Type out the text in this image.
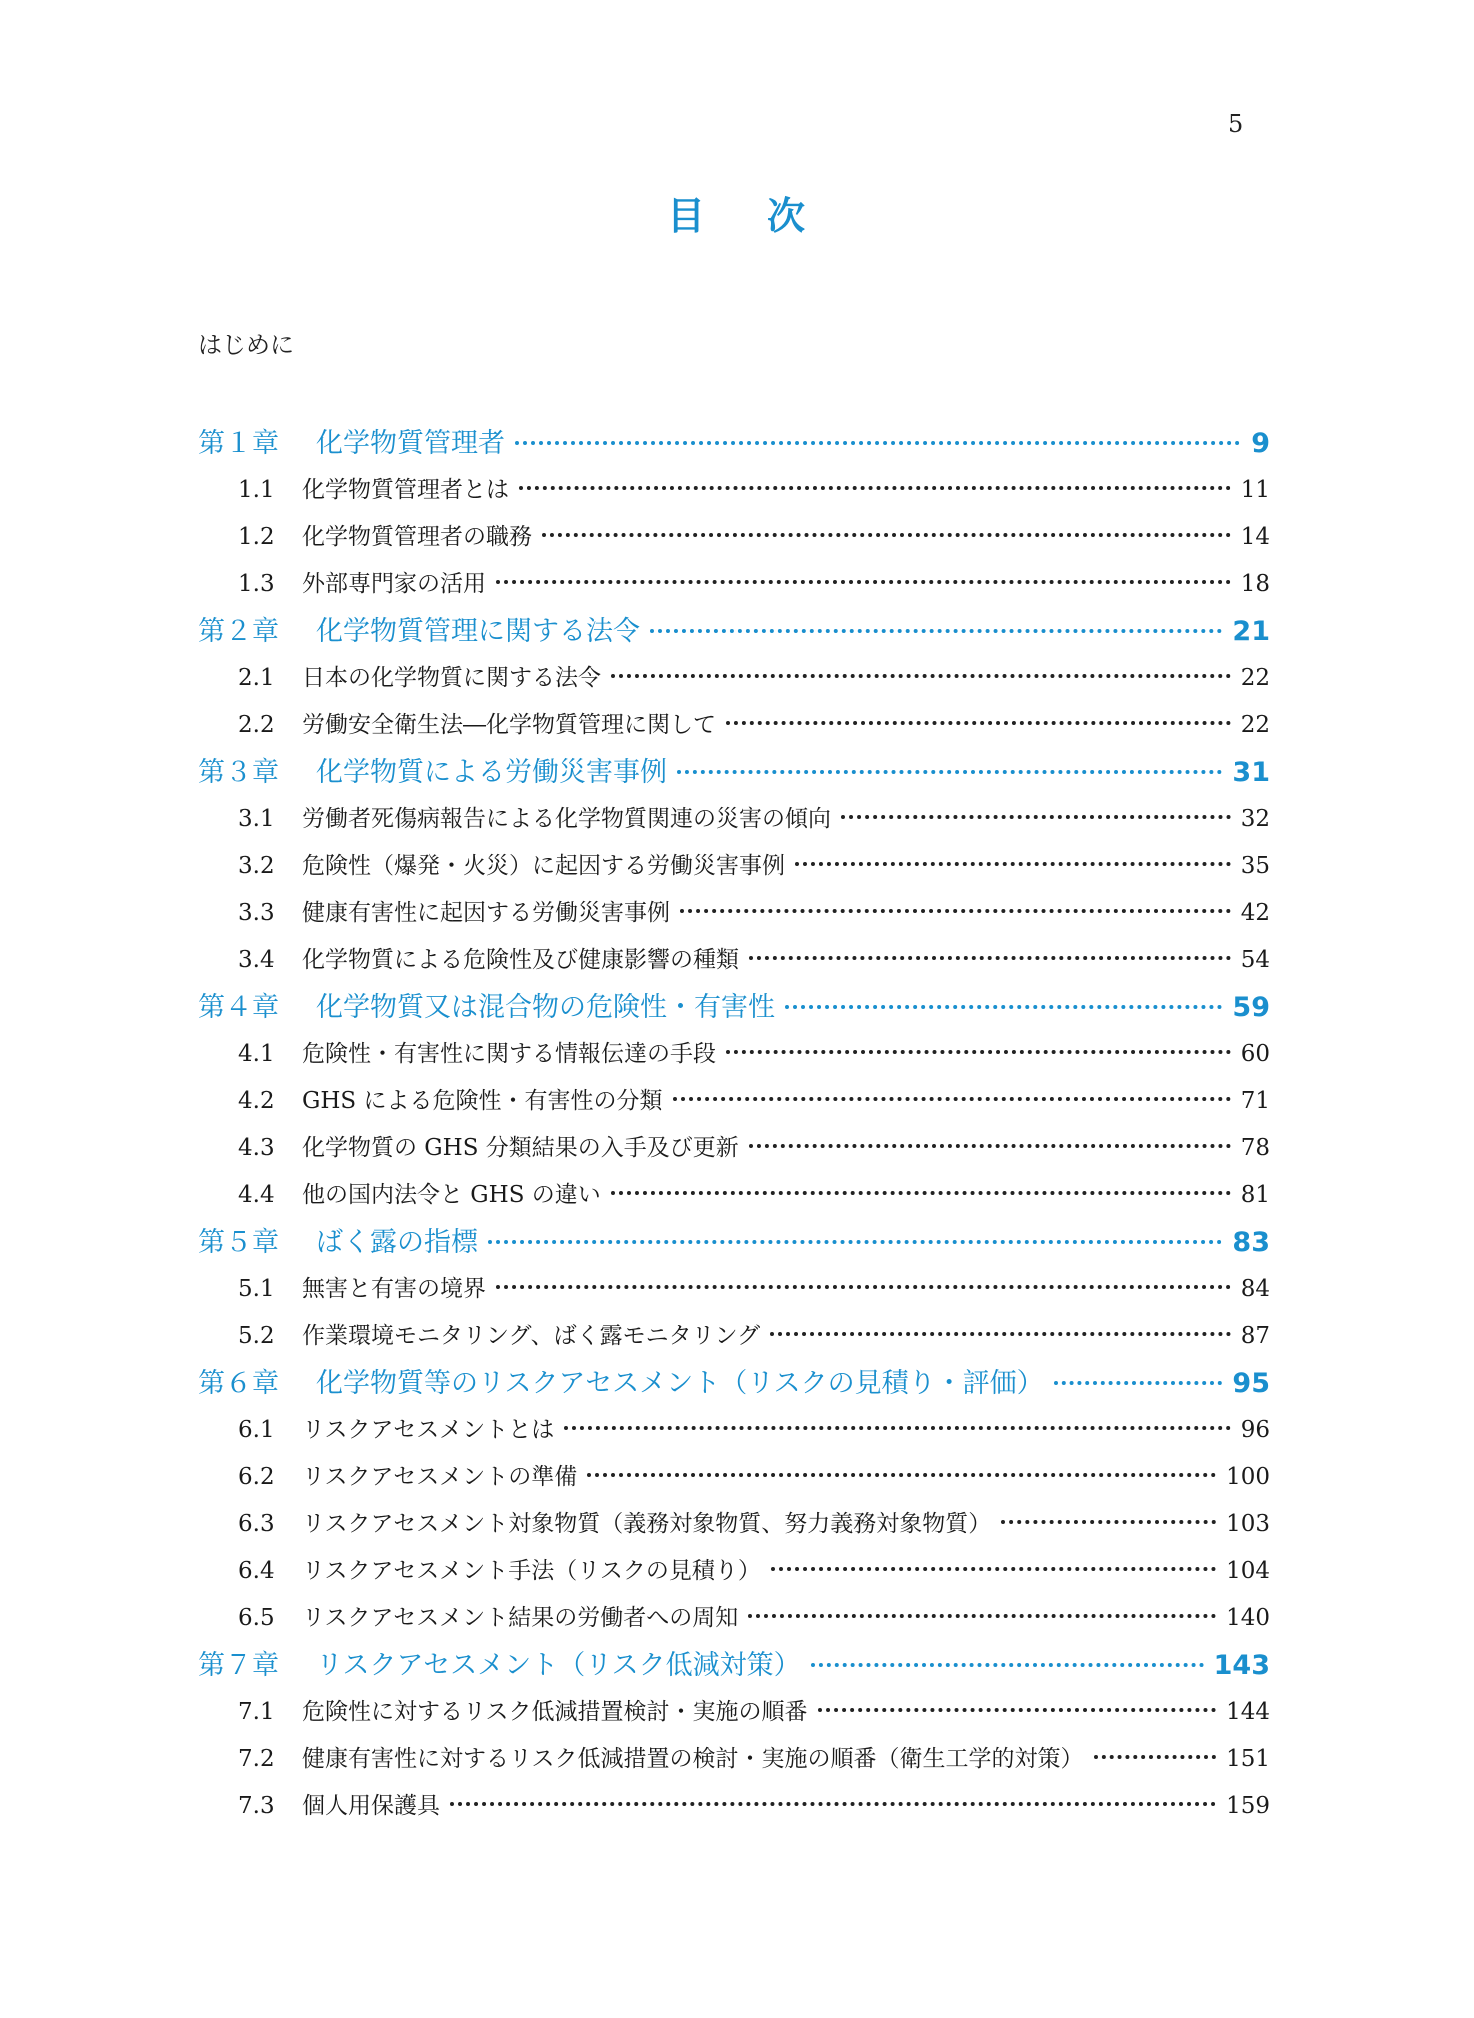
5
目 次
はじめに
第１章	化学物質管理者	9
1.1	化学物質管理者とは	11
1.2	化学物質管理者の職務	14
1.3	外部専門家の活用	18
第２章	化学物質管理に関する法令	21
2.1	日本の化学物質に関する法令	22
2.2	労働安全衛生法―化学物質管理に関して	22
第３章	化学物質による労働災害事例	31
3.1	労働者死傷病報告による化学物質関連の災害の傾向	32
3.2	危険性（爆発・火災）に起因する労働災害事例	35
3.3	健康有害性に起因する労働災害事例	42
3.4	化学物質による危険性及び健康影響の種類	54
第４章	化学物質又は混合物の危険性・有害性	59
4.1	危険性・有害性に関する情報伝達の手段	60
4.2	GHS による危険性・有害性の分類	71
4.3	化学物質の GHS 分類結果の入手及び更新	78
4.4	他の国内法令と GHS の違い	81
第５章	ばく露の指標	83
5.1	無害と有害の境界	84
5.2	作業環境モニタリング、ばく露モニタリング	87
第６章	化学物質等のリスクアセスメント（リスクの見積り・評価）	95
6.1	リスクアセスメントとは	96
6.2	リスクアセスメントの準備	100
6.3	リスクアセスメント対象物質（義務対象物質、努力義務対象物質）	103
6.4	リスクアセスメント手法（リスクの見積り）	104
6.5	リスクアセスメント結果の労働者への周知	140
第７章	リスクアセスメント（リスク低減対策）	143
7.1	危険性に対するリスク低減措置検討・実施の順番	144
7.2	健康有害性に対するリスク低減措置の検討・実施の順番（衛生工学的対策）	151
7.3	個人用保護具	159
